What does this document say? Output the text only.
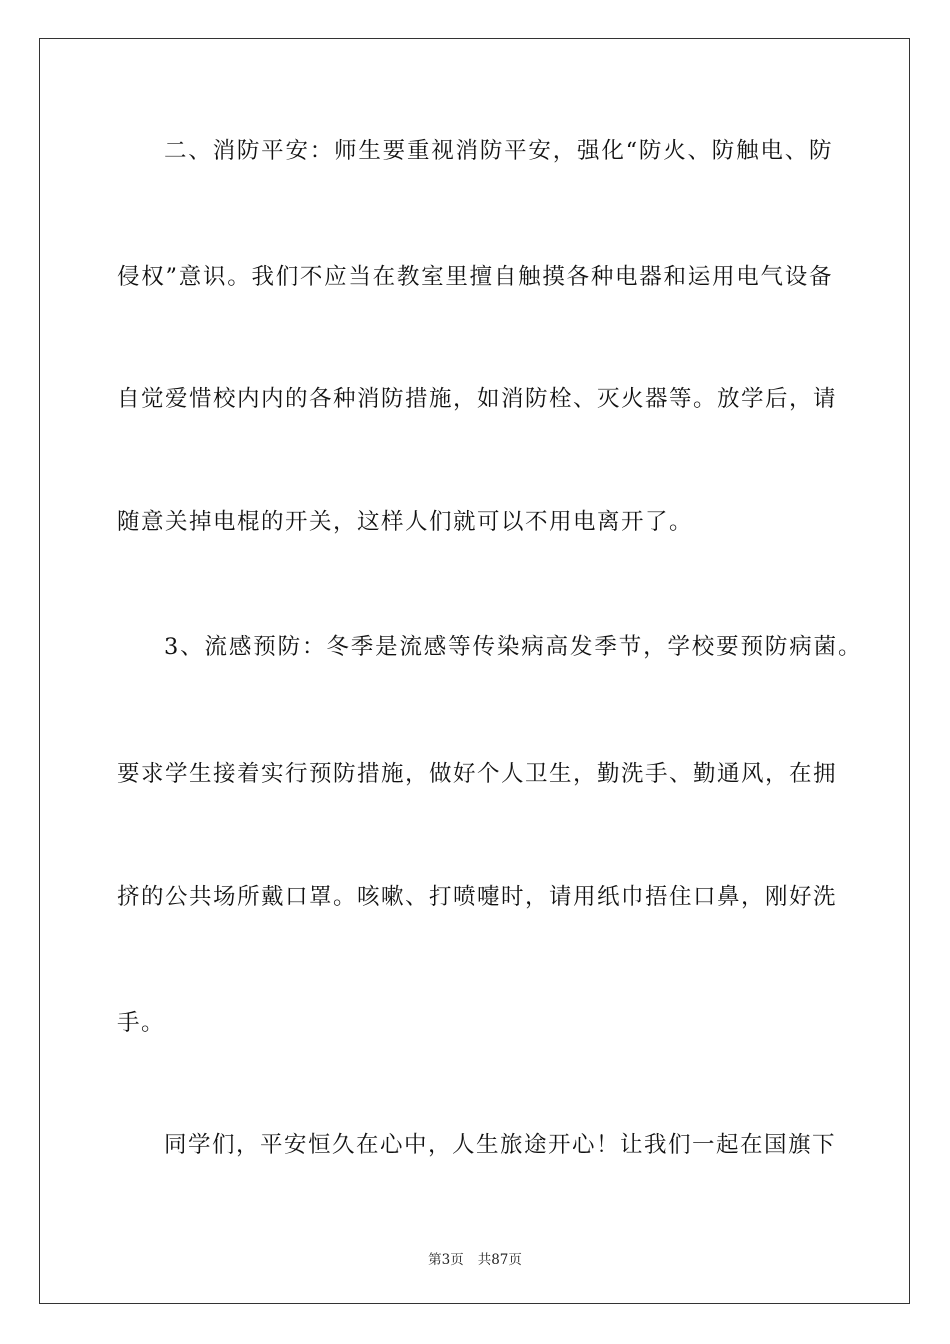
二、消防平安：师生要重视消防平安，强化“防火、防触电、防
侵权”意识。我们不应当在教室里擅自触摸各种电器和运用电气设备
自觉爱惜校内内的各种消防措施，如消防栓、灭火器等。放学后，请
随意关掉电棍的开关，这样人们就可以不用电离开了。
3、流感预防：冬季是流感等传染病高发季节，学校要预防病菌。
要求学生接着实行预防措施，做好个人卫生，勤洗手、勤通风，在拥
挤的公共场所戴口罩。咳嗽、打喷嚏时，请用纸巾捂住口鼻，刚好洗
手。
同学们，平安恒久在心中，人生旅途开心！让我们一起在国旗下
第3页 共87页
